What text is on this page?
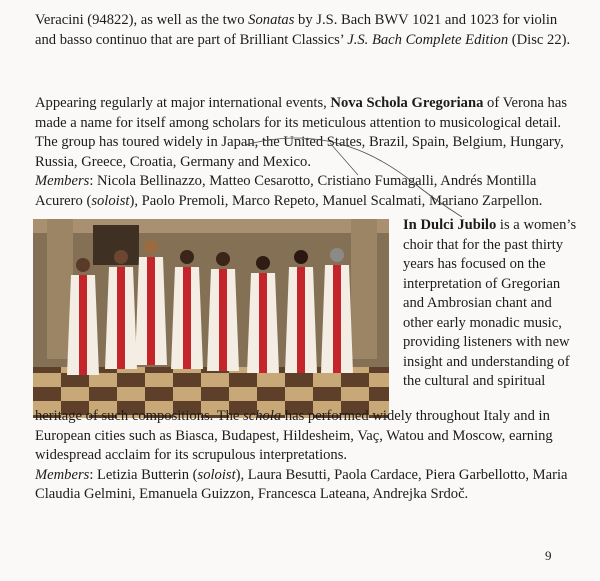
Veracini (94822), as well as the two Sonatas by J.S. Bach BWV 1021 and 1023 for violin and basso continuo that are part of Brilliant Classics’ J.S. Bach Complete Edition (Disc 22).

Appearing regularly at major international events, Nova Schola Gregoriana of Verona has made a name for itself among scholars for its meticulous attention to musicological detail. The group has toured widely in Japan, the United States, Brazil, Spain, Belgium, Hungary, Russia, Greece, Croatia, Germany and Mexico.
Members: Nicola Bellinazzo, Matteo Cesarotto, Cristiano Fumagalli, Andrés Montilla Acurero (soloist), Paolo Premoli, Marco Repeto, Manuel Scalmati, Mariano Zarpellon.

In Dulci Jubilo is a women’s choir that for the past thirty years has focused on the interpretation of Gregorian and Ambrosian chant and other early monadic music, providing listeners with new insight and understanding of the cultural and spiritual

heritage of such compositions. The schola has performed widely throughout Italy and in European cities such as Biasca, Budapest, Hildesheim, Vaç, Watou and Moscow, earning widespread acclaim for its scrupulous interpretations.
Members: Letizia Butterin (soloist), Laura Besutti, Paola Cardace, Piera Garbellotto, Maria Claudia Gelmini, Emanuela Guizzon, Francesca Lateana, Andrejka Srdoč.

9
